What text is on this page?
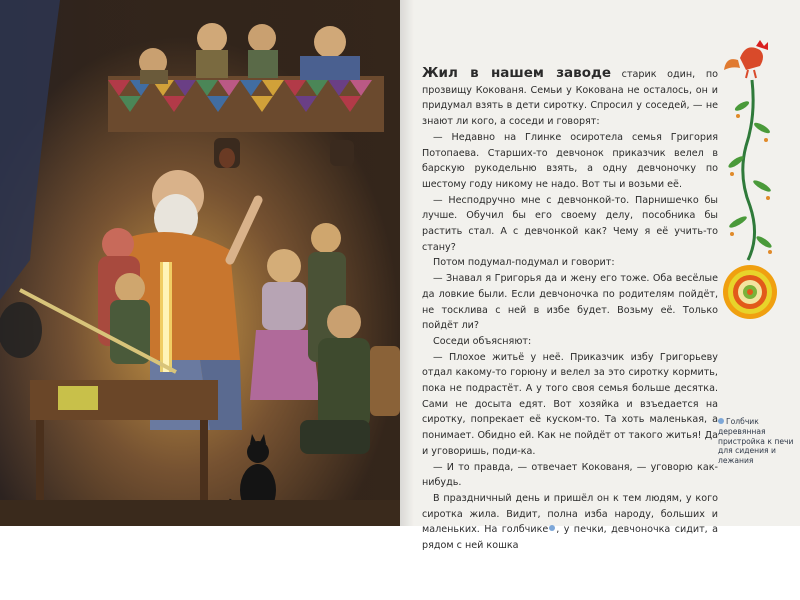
Жил в нашем заводе старик один, по прозвищу Кокованя. Семьи у Кокована не осталось, он и придумал взять в дети сиротку. Спросил у соседей, — не знают ли кого, а соседи и говорят:

— Недавно на Глинке осиротела семья Григория Потопаева. Старших-то девчонок приказчик велел в барскую рукодельню взять, а одну девчоночку по шестому году никому не надо. Вот ты и возьми её.

— Несподручно мне с девчонкой-то. Парнишечко бы лучше. Обучил бы его своему делу, пособника бы растить стал. А с девчонкой как? Чему я её учить-то стану?

Потом подумал-подумал и говорит:

— Знавал я Григорья да и жену его тоже. Оба весёлые да ловкие были. Если девчоночка по родителям пойдёт, не тосклива с ней в избе будет. Возьму её. Только пойдёт ли?

Соседи объясняют:

— Плохое житьё у неё. Приказчик избу Григорьеву отдал какому-то горюну и велел за это сиротку кормить, пока не подрастёт. А у того своя семья больше десятка. Сами не досыта едят. Вот хозяйка и взъедается на сиротку, попрекает её куском-то. Та хоть маленькая, а понимает. Обидно ей. Как не пойдёт от такого житья! Да и уговоришь, поди-ка.

— И то правда, — отвечает Кокованя, — уговорю как-нибудь.

В праздничный день и пришёл он к тем людям, у кого сиротка жила. Видит, полна изба народу, больших и маленьких. На голбчике , у печки, девчоночка сидит, а рядом с ней кошка

Голбчик
деревянная пристройка к печи для сидения и лежания
